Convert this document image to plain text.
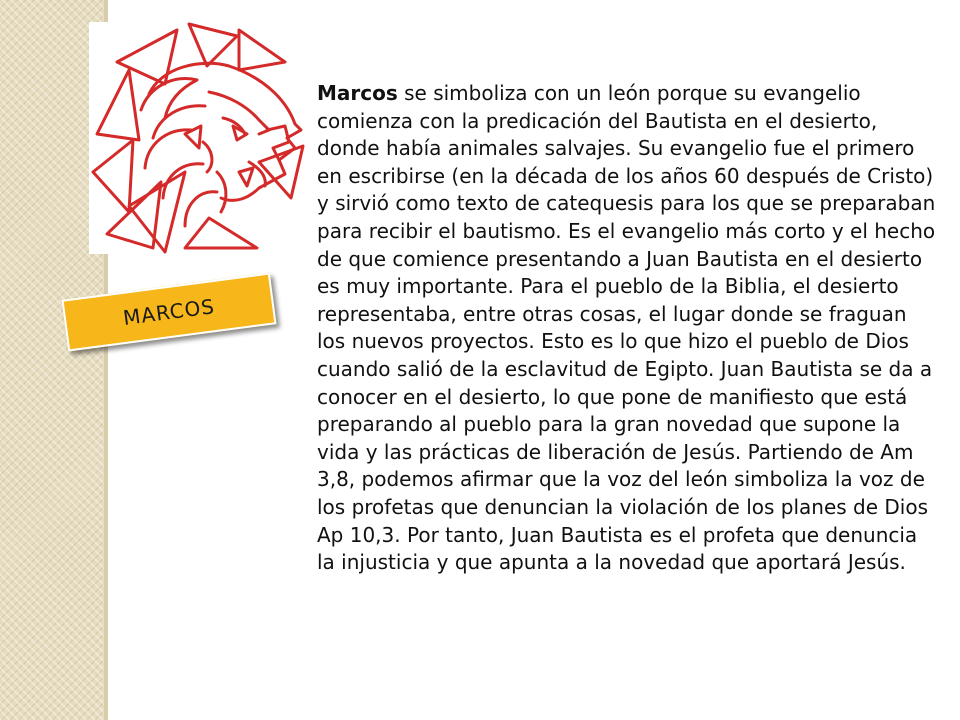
MARCOS

Marcos se simboliza con un león porque su evangelio comienza con la predicación del Bautista en el desierto, donde había animales salvajes. Su evangelio fue el primero en escribirse (en la década de los años 60 después de Cristo) y sirvió como texto de catequesis para los que se preparaban para recibir el bautismo. Es el evangelio más corto y el hecho de que comience presentando a Juan Bautista en el desierto es muy importante. Para el pueblo de la Biblia, el desierto representaba, entre otras cosas, el lugar donde se fraguan los nuevos proyectos. Esto es lo que hizo el pueblo de Dios cuando salió de la esclavitud de Egipto. Juan Bautista se da a conocer en el desierto, lo que pone de manifiesto que está preparando al pueblo para la gran novedad que supone la vida y las prácticas de liberación de Jesús. Partiendo de Am 3,8, podemos afirmar que la voz del león simboliza la voz de los profetas que denuncian la violación de los planes de Dios Ap 10,3. Por tanto, Juan Bautista es el profeta que denuncia la injusticia y que apunta a la novedad que aportará Jesús.
